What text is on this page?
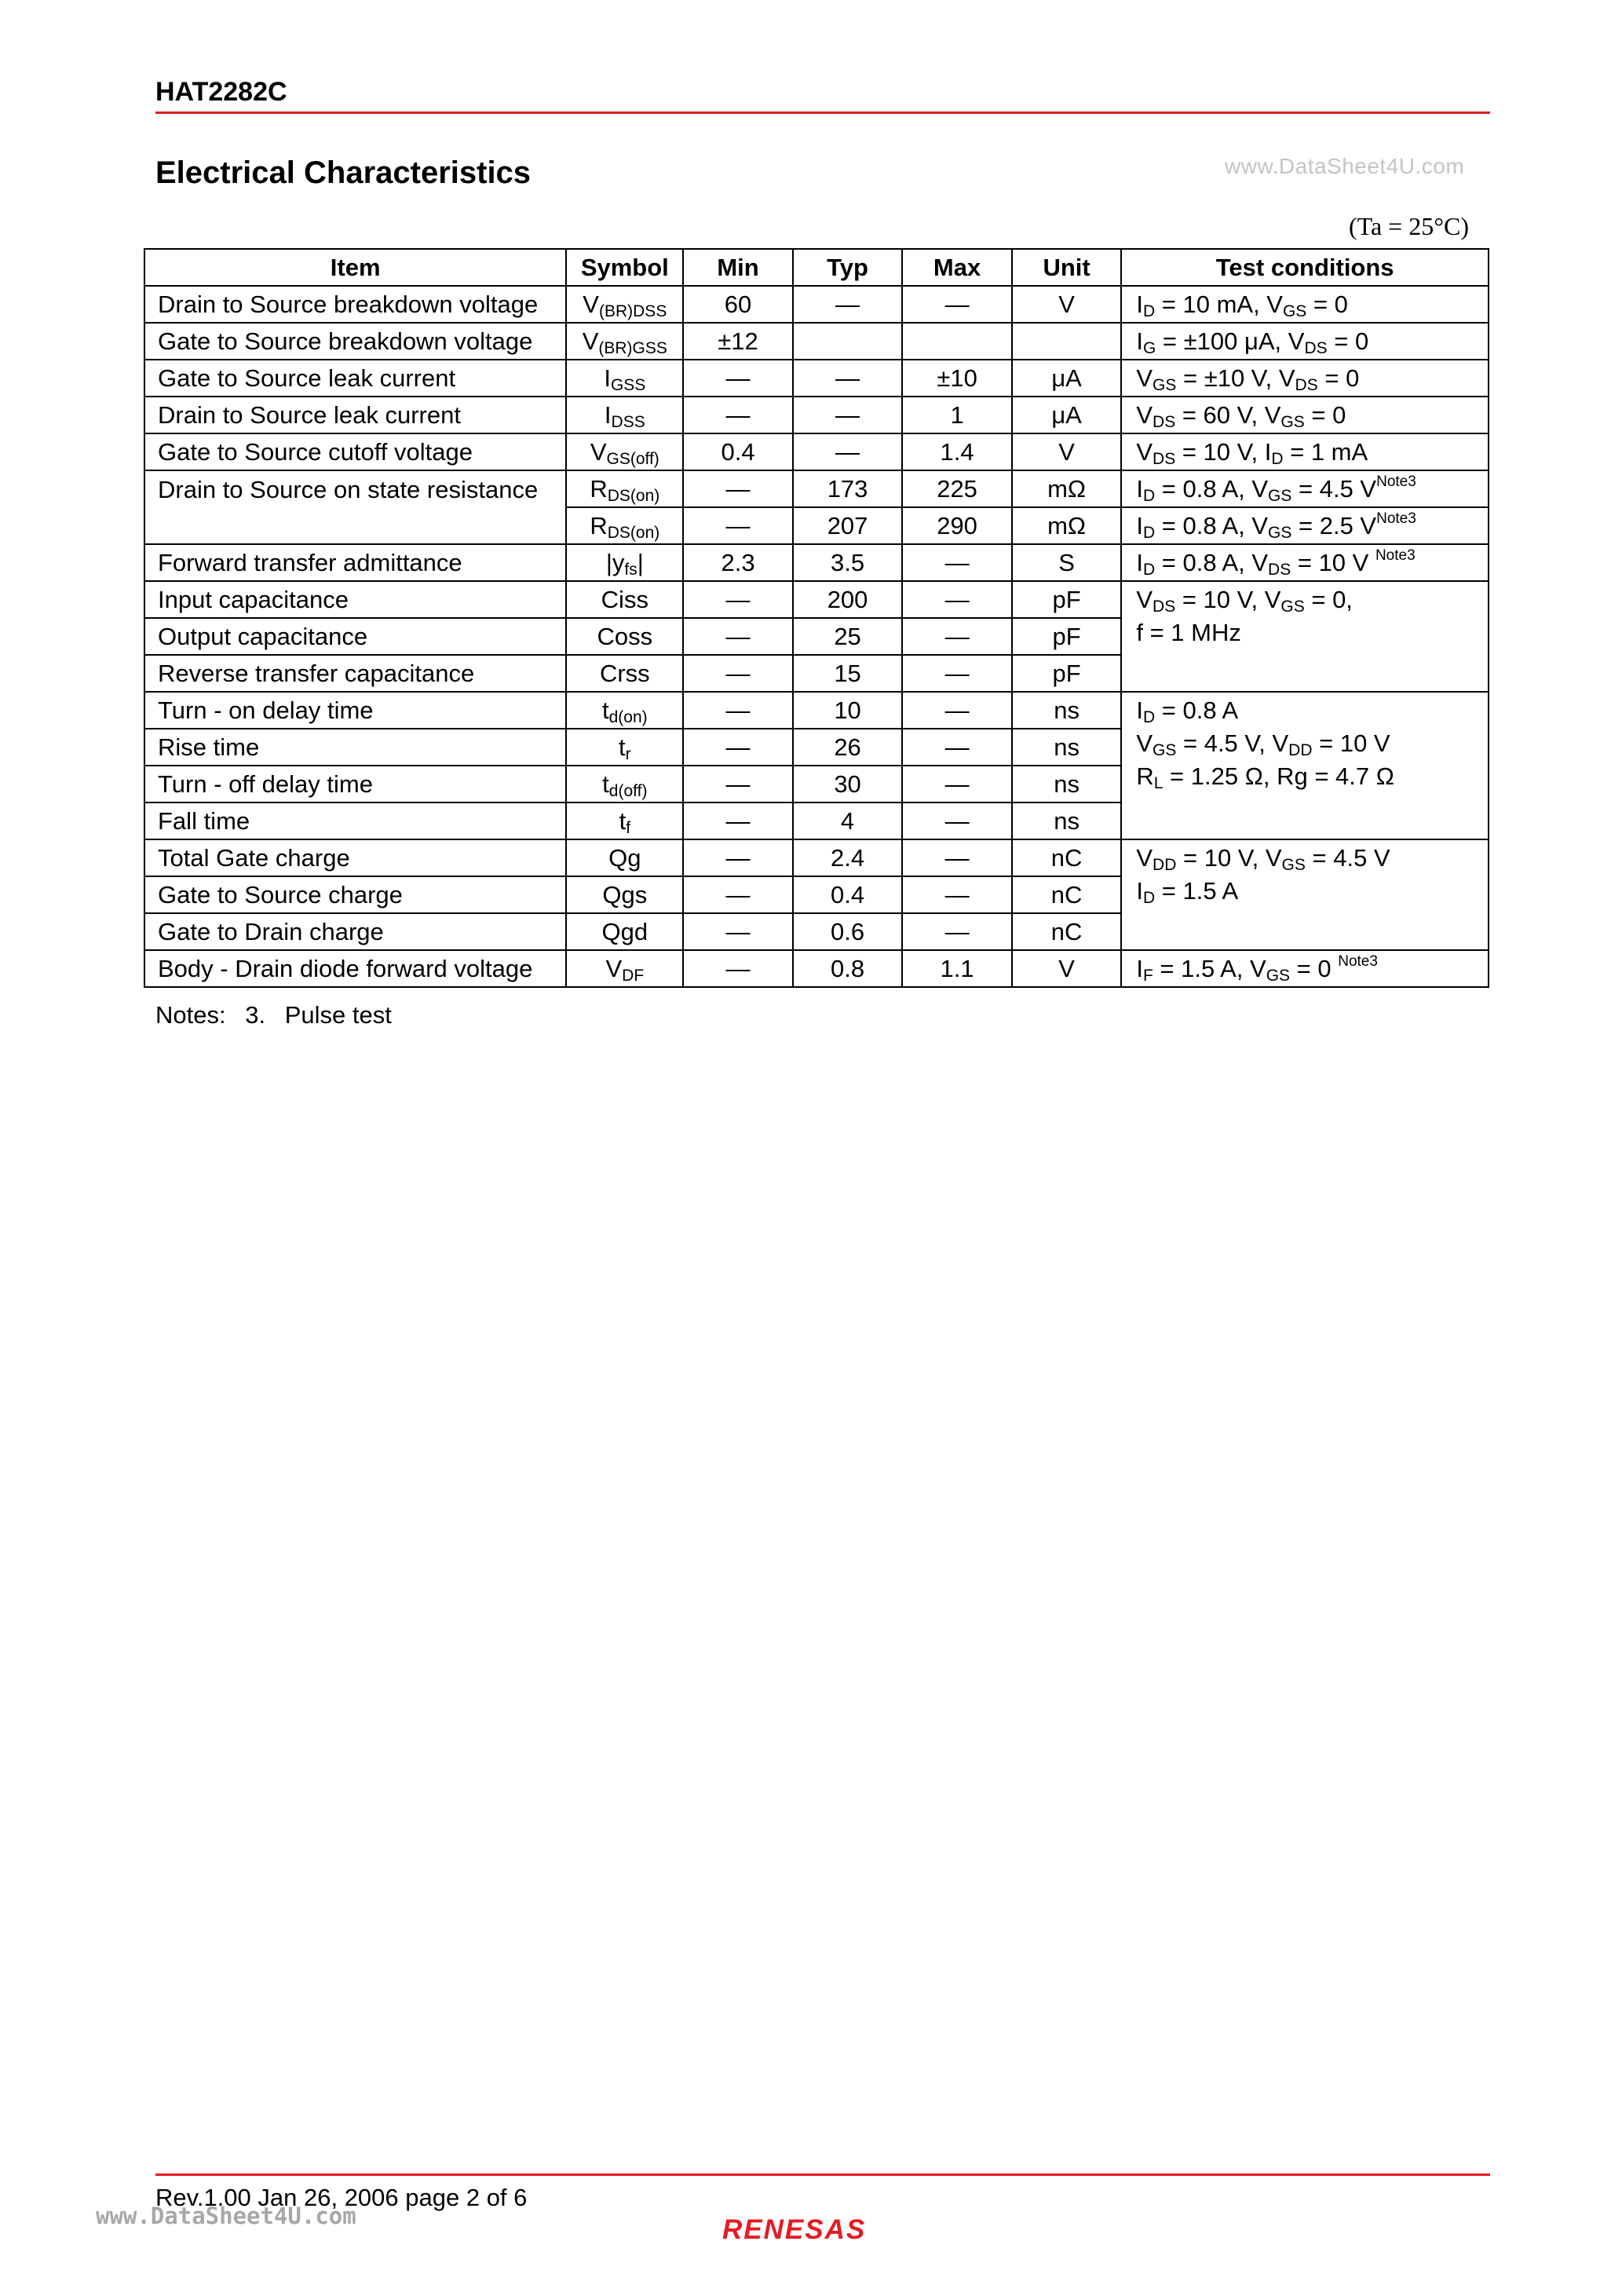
HAT2282C
Electrical Characteristics	www.DataSheet4U.com
(Ta = 25°C)
Item	Symbol	Min	Typ	Max	Unit	Test conditions
Drain to Source breakdown voltage	$V_{(BR)DSS}$	60	—	—	V	$I_D = 10$ mA, $V_{GS} = 0$
Gate to Source breakdown voltage	$V_{(BR)GSS}$	±12				$I_G = \pm 100$ μA, $V_{DS} = 0$
Gate to Source leak current	$I_{GSS}$	—	—	±10	μA	$V_{GS} = \pm 10$ V, $V_{DS} = 0$
Drain to Source leak current	$I_{DSS}$	—	—	1	μA	$V_{DS} = 60$ V, $V_{GS} = 0$
Gate to Source cutoff voltage	$V_{GS(off)}$	0.4	—	1.4	V	$V_{DS} = 10$ V, $I_D = 1$ mA
Drain to Source on state resistance	$R_{DS(on)}$	—	173	225	mΩ	$I_D = 0.8$ A, $V_{GS} = 4.5$ $V^{Note3}$
	$R_{DS(on)}$	—	207	290	mΩ	$I_D = 0.8$ A, $V_{GS} = 2.5$ $V^{Note3}$
Forward transfer admittance	$|y_{fs}|$	2.3	3.5	—	S	$I_D = 0.8$ A, $V_{DS} = 10$ V $^{Note3}$
Input capacitance	Ciss	—	200	—	pF	$V_{DS} = 10$ V, $V_{GS} = 0$,
f = 1 MHz

Output capacitance	Coss	—	25	—	pF	
Reverse transfer capacitance	Crss	—	15	—	pF	
Turn - on delay time	$t_{d(on)}$	—	10	—	ns	$I_D = 0.8$ A
$V_{GS} = 4.5$ V, $V_{DD} = 10$ V
$R_L = 1.25$ Ω, Rg = 4.7 Ω

Rise time	$t_r$	—	26	—	ns	
Turn - off delay time	$t_{d(off)}$	—	30	—	ns	
Fall time	$t_f$	—	4	—	ns	
Total Gate charge	Qg	—	2.4	—	nC	$V_{DD} = 10$ V, $V_{GS} = 4.5$ V
$I_D = 1.5$ A

Gate to Source charge	Qgs	—	0.4	—	nC	
Gate to Drain charge	Qgd	—	0.6	—	nC	
Body - Drain diode forward voltage	$V_{DF}$	—	0.8	1.1	V	$I_F = 1.5$ A, $V_{GS} = 0$ $^{Note3}$
Notes: 3. Pulse test
Rev.1.00 Jan 26, 2006 page 2 of 6
www.DataSheet4U.com	RENESAS
